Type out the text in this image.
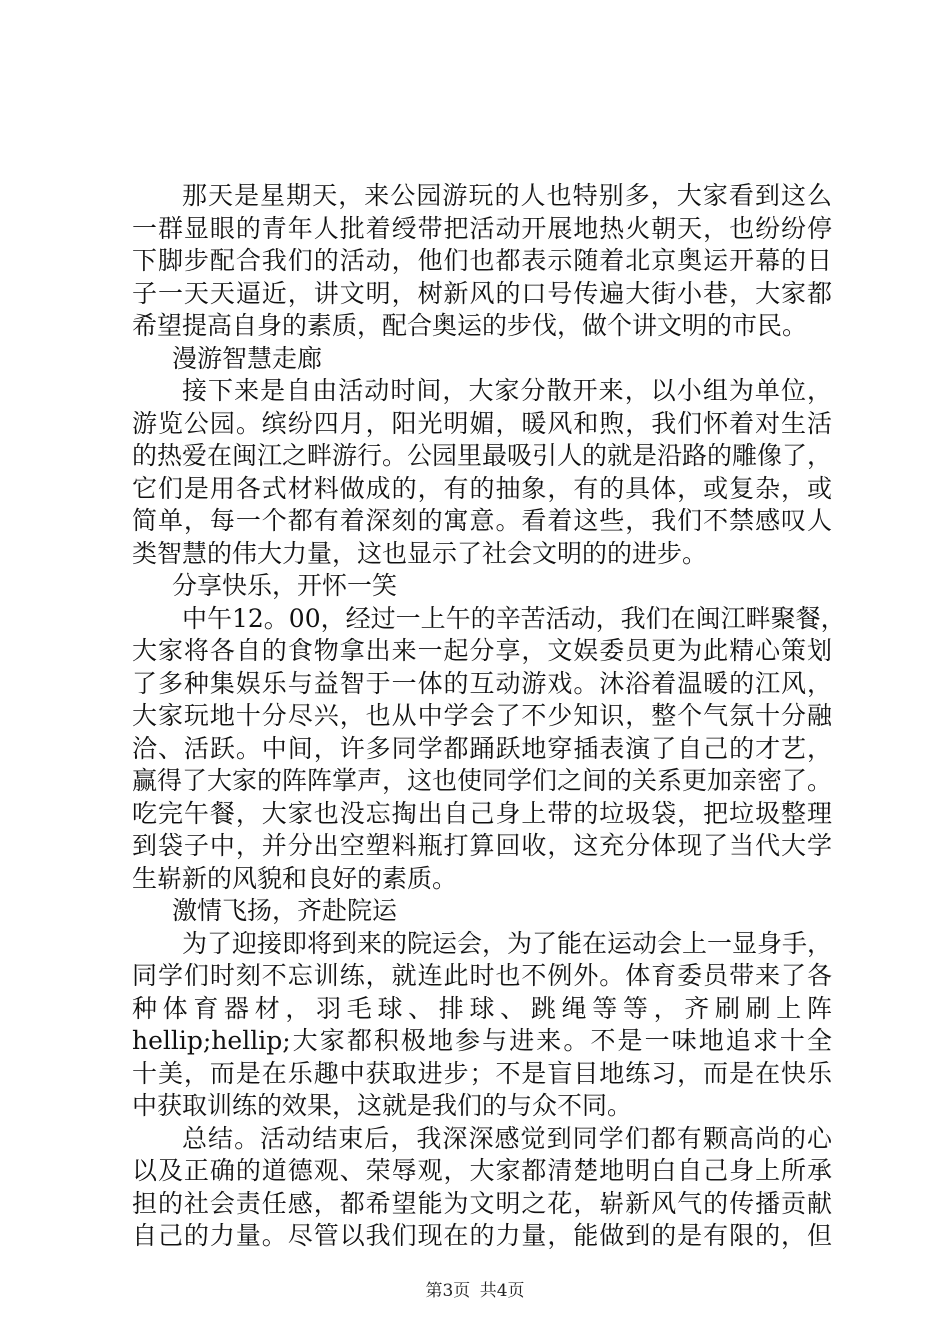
那天是星期天，来公园游玩的人也特别多，大家看到这么
一群显眼的青年人批着绶带把活动开展地热火朝天，也纷纷停
下脚步配合我们的活动，他们也都表示随着北京奥运开幕的日
子一天天逼近，讲文明，树新风的口号传遍大街小巷，大家都
希望提高自身的素质，配合奥运的步伐，做个讲文明的市民。
漫游智慧走廊
接下来是自由活动时间，大家分散开来，以小组为单位，
游览公园。缤纷四月，阳光明媚，暖风和煦，我们怀着对生活
的热爱在闽江之畔游行。公园里最吸引人的就是沿路的雕像了，
它们是用各式材料做成的，有的抽象，有的具体，或复杂，或
简单，每一个都有着深刻的寓意。看着这些，我们不禁感叹人
类智慧的伟大力量，这也显示了社会文明的的进步。
分享快乐，开怀一笑
中午12。00，经过一上午的辛苦活动，我们在闽江畔聚餐，
大家将各自的食物拿出来一起分享，文娱委员更为此精心策划
了多种集娱乐与益智于一体的互动游戏。沐浴着温暖的江风，
大家玩地十分尽兴，也从中学会了不少知识，整个气氛十分融
洽、活跃。中间，许多同学都踊跃地穿插表演了自己的才艺，
赢得了大家的阵阵掌声，这也使同学们之间的关系更加亲密了。
吃完午餐，大家也没忘掏出自己身上带的垃圾袋，把垃圾整理
到袋子中，并分出空塑料瓶打算回收，这充分体现了当代大学
生崭新的风貌和良好的素质。
激情飞扬，齐赴院运
为了迎接即将到来的院运会，为了能在运动会上一显身手，
同学们时刻不忘训练，就连此时也不例外。体育委员带来了各
种体育器材，羽毛球、排球、跳绳等等，齐刷刷上阵
hellip;hellip;大家都积极地参与进来。不是一味地追求十全
十美，而是在乐趣中获取进步；不是盲目地练习，而是在快乐
中获取训练的效果，这就是我们的与众不同。
总结。活动结束后，我深深感觉到同学们都有颗高尚的心
以及正确的道德观、荣辱观，大家都清楚地明白自己身上所承
担的社会责任感，都希望能为文明之花，崭新风气的传播贡献
自己的力量。尽管以我们现在的力量，能做到的是有限的，但
第3页 共4页
